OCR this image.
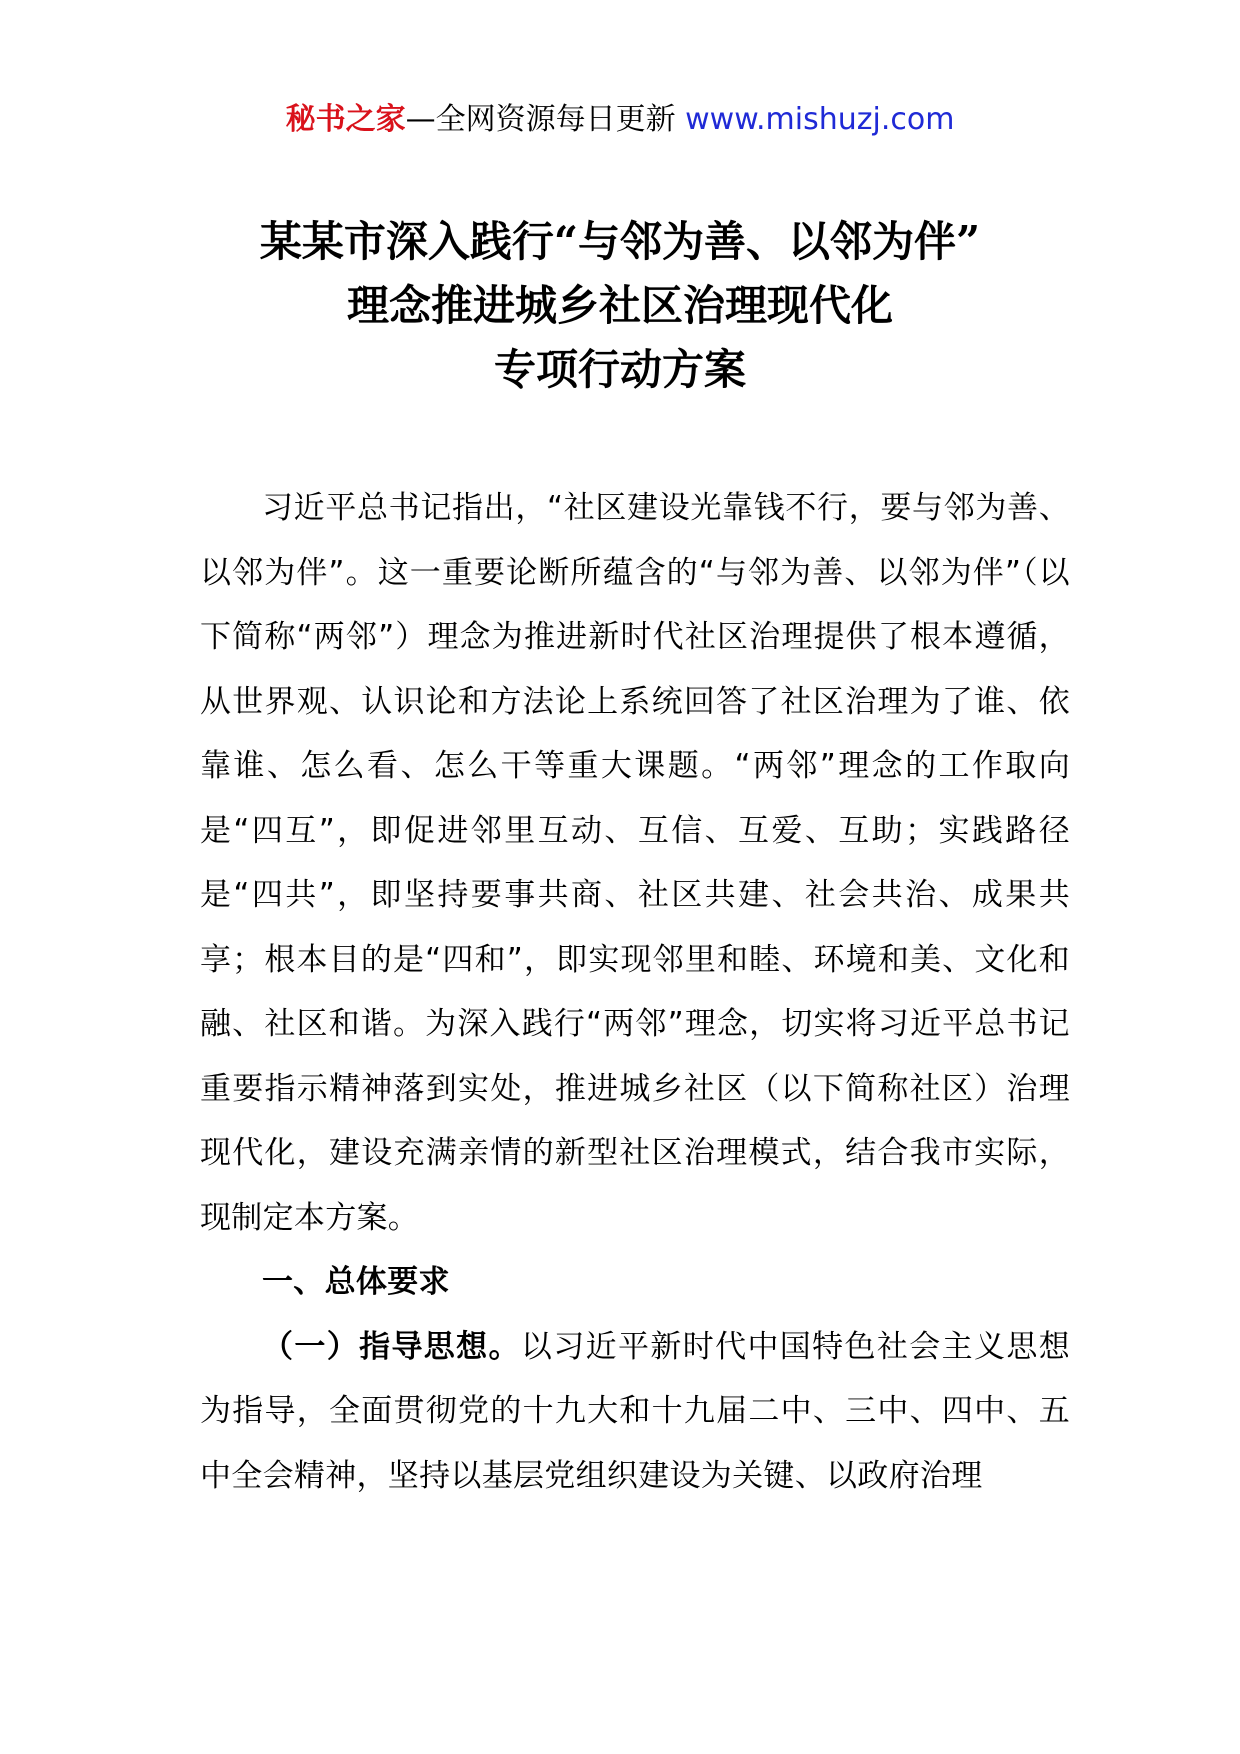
秘书之家—全网资源每日更新 www.mishuzj.com
某某市深入践行“与邻为善、以邻为伴”
理念推进城乡社区治理现代化
专项行动方案

习近平总书记指出，“社区建设光靠钱不行，要与邻为善、以邻为伴”。这一重要论断所蕴含的“与邻为善、以邻为伴”（以下简称“两邻”）理念为推进新时代社区治理提供了根本遵循，从世界观、认识论和方法论上系统回答了社区治理为了谁、依靠谁、怎么看、怎么干等重大课题。“两邻”理念的工作取向是“四互”，即促进邻里互动、互信、互爱、互助；实践路径是“四共”，即坚持要事共商、社区共建、社会共治、成果共享；根本目的是“四和”，即实现邻里和睦、环境和美、文化和融、社区和谐。为深入践行“两邻”理念，切实将习近平总书记重要指示精神落到实处，推进城乡社区（以下简称社区）治理现代化，建设充满亲情的新型社区治理模式，结合我市实际，现制定本方案。

一、总体要求

（一）指导思想。以习近平新时代中国特色社会主义思想为指导，全面贯彻党的十九大和十九届二中、三中、四中、五中全会精神，坚持以基层党组织建设为关键、以政府治理
